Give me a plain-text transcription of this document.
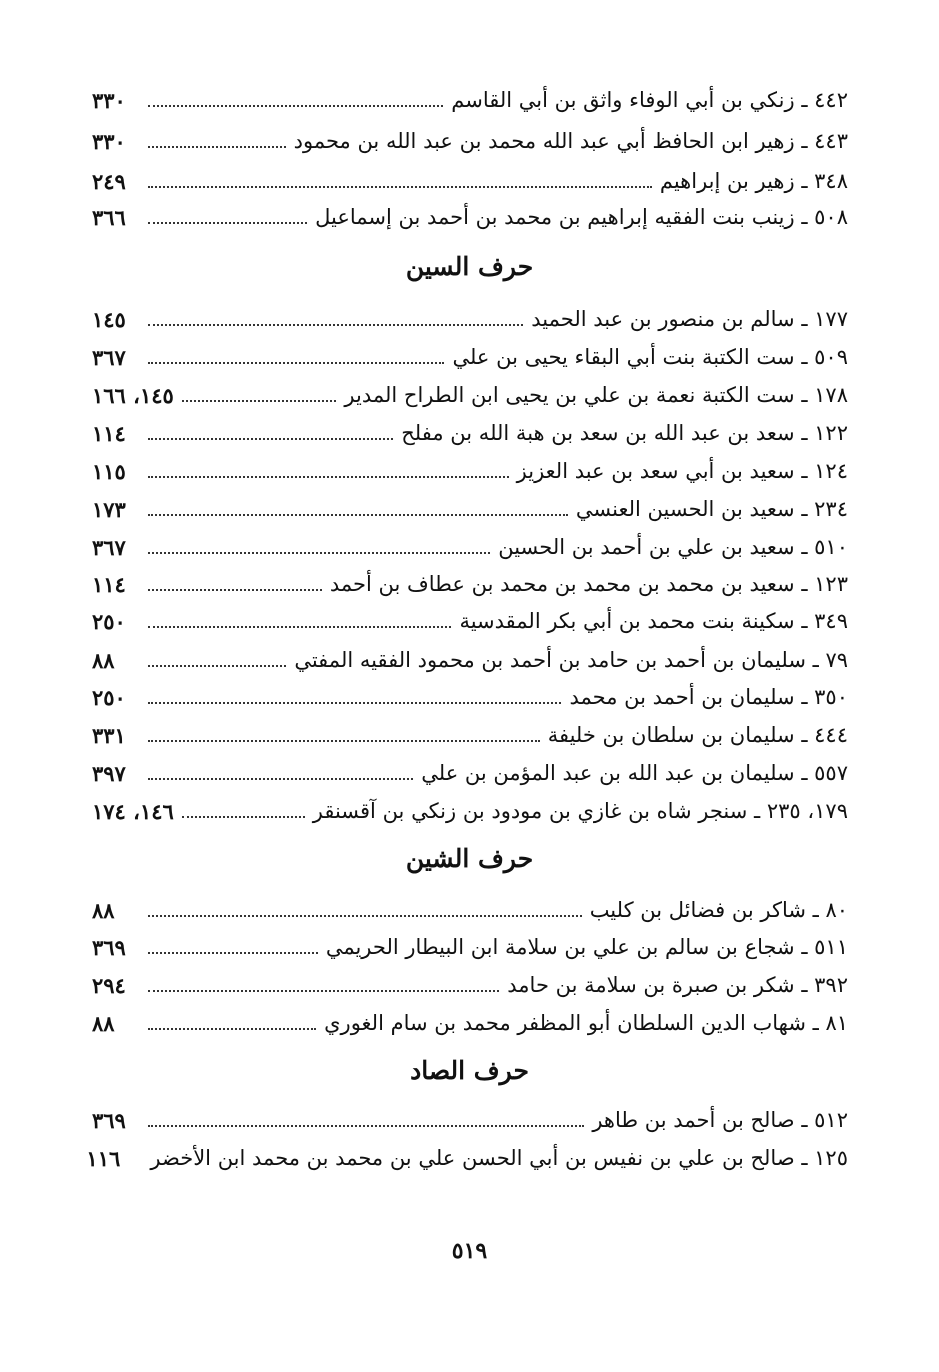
٤٤٢ ـ زنكي بن أبي الوفاء واثق بن أبي القاسم
٣٣٠
٤٤٣ ـ زهير ابن الحافظ أبي عبد الله محمد بن عبد الله بن محمود
٣٣٠
٣٤٨ ـ زهير بن إبراهيم
٢٤٩
٥٠٨ ـ زينب بنت الفقيه إبراهيم بن محمد بن أحمد بن إسماعيل
٣٦٦
حرف السين
١٧٧ ـ سالم بن منصور بن عبد الحميد
١٤٥
٥٠٩ ـ ست الكتبة بنت أبي البقاء يحيى بن علي
٣٦٧
١٧٨ ـ ست الكتبة نعمة بن علي بن يحيى ابن الطراح المدير
١٤٥، ١٦٦
١٢٢ ـ سعد بن عبد الله بن سعد بن هبة الله بن مفلح
١١٤
١٢٤ ـ سعيد بن أبي سعد بن عبد العزيز
١١٥
٢٣٤ ـ سعيد بن الحسين العنسي
١٧٣
٥١٠ ـ سعيد بن علي بن أحمد بن الحسين
٣٦٧
١٢٣ ـ سعيد بن محمد بن محمد بن محمد بن عطاف بن أحمد
١١٤
٣٤٩ ـ سكينة بنت محمد بن أبي بكر المقدسية
٢٥٠
٧٩ ـ سليمان بن أحمد بن حامد بن أحمد بن محمود الفقيه المفتي
٨٨
٣٥٠ ـ سليمان بن أحمد بن محمد
٢٥٠
٤٤٤ ـ سليمان بن سلطان بن خليفة
٣٣١
٥٥٧ ـ سليمان بن عبد الله بن عبد المؤمن بن علي
٣٩٧
١٧٩، ٢٣٥ ـ سنجر شاه بن غازي بن مودود بن زنكي بن آقسنقر
١٤٦، ١٧٤
حرف الشين
٨٠ ـ شاكر بن فضائل بن كليب
٨٨
٥١١ ـ شجاع بن سالم بن علي بن سلامة ابن البيطار الحريمي
٣٦٩
٣٩٢ ـ شكر بن صبرة بن سلامة بن حامد
٢٩٤
٨١ ـ شهاب الدين السلطان أبو المظفر محمد بن سام الغوري
٨٨
حرف الصاد
٥١٢ ـ صالح بن أحمد بن طاهر
٣٦٩
١٢٥ ـ صالح بن علي بن نفيس بن أبي الحسن علي بن محمد بن محمد ابن الأخضر
١١٦
٥١٩
